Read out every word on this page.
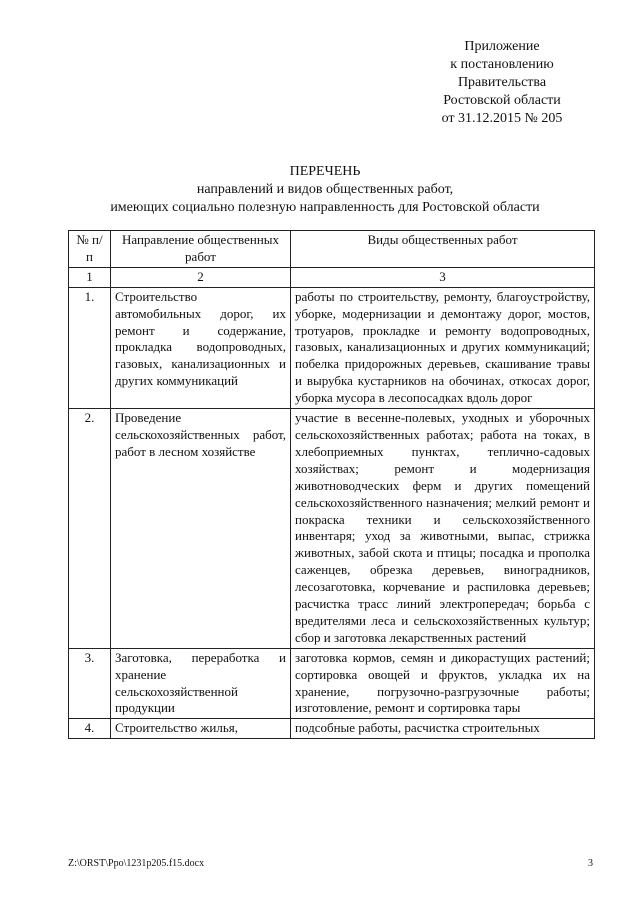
Приложение
к постановлению
Правительства
Ростовской области
от 31.12.2015 № 205
ПЕРЕЧЕНЬ
направлений и видов общественных работ,
имеющих социально полезную направленность для Ростовской области
№ п/п	Направление общественных работ	Виды общественных работ
1	2	3
1.	Строительство автомобильных дорог, их ремонт и содержание, прокладка водопроводных, газовых, канализационных и других коммуникаций	работы по строительству, ремонту, благоустройству, уборке, модернизации и демонтажу дорог, мостов, тротуаров, прокладке и ремонту водопроводных, газовых, канализационных и других коммуникаций; побелка придорожных деревьев, скашивание травы и вырубка кустарников на обочинах, откосах дорог, уборка мусора в лесопосадках вдоль дорог
2.	Проведение сельскохозяйственных работ, работ в лесном хозяйстве	участие в весенне-полевых, уходных и уборочных сельскохозяйственных работах; работа на токах, в хлебоприемных пунктах, теплично-садовых хозяйствах; ремонт и модернизация животноводческих ферм и других помещений сельскохозяйственного назначения; мелкий ремонт и покраска техники и сельскохозяйственного инвентаря; уход за животными, выпас, стрижка животных, забой скота и птицы; посадка и прополка саженцев, обрезка деревьев, виноградников, лесозаготовка, корчевание и распиловка деревьев; расчистка трасс линий электропередач; борьба с вредителями леса и сельскохозяйственных культур; сбор и заготовка лекарственных растений
3.	Заготовка, переработка и хранение сельскохозяйственной продукции	заготовка кормов, семян и дикорастущих растений; сортировка овощей и фруктов, укладка их на хранение, погрузочно-разгрузочные работы; изготовление, ремонт и сортировка тары
4.	Строительство жилья,	подсобные работы, расчистка строительных
Z:\ORST\Ppo\1231p205.f15.docx	3
